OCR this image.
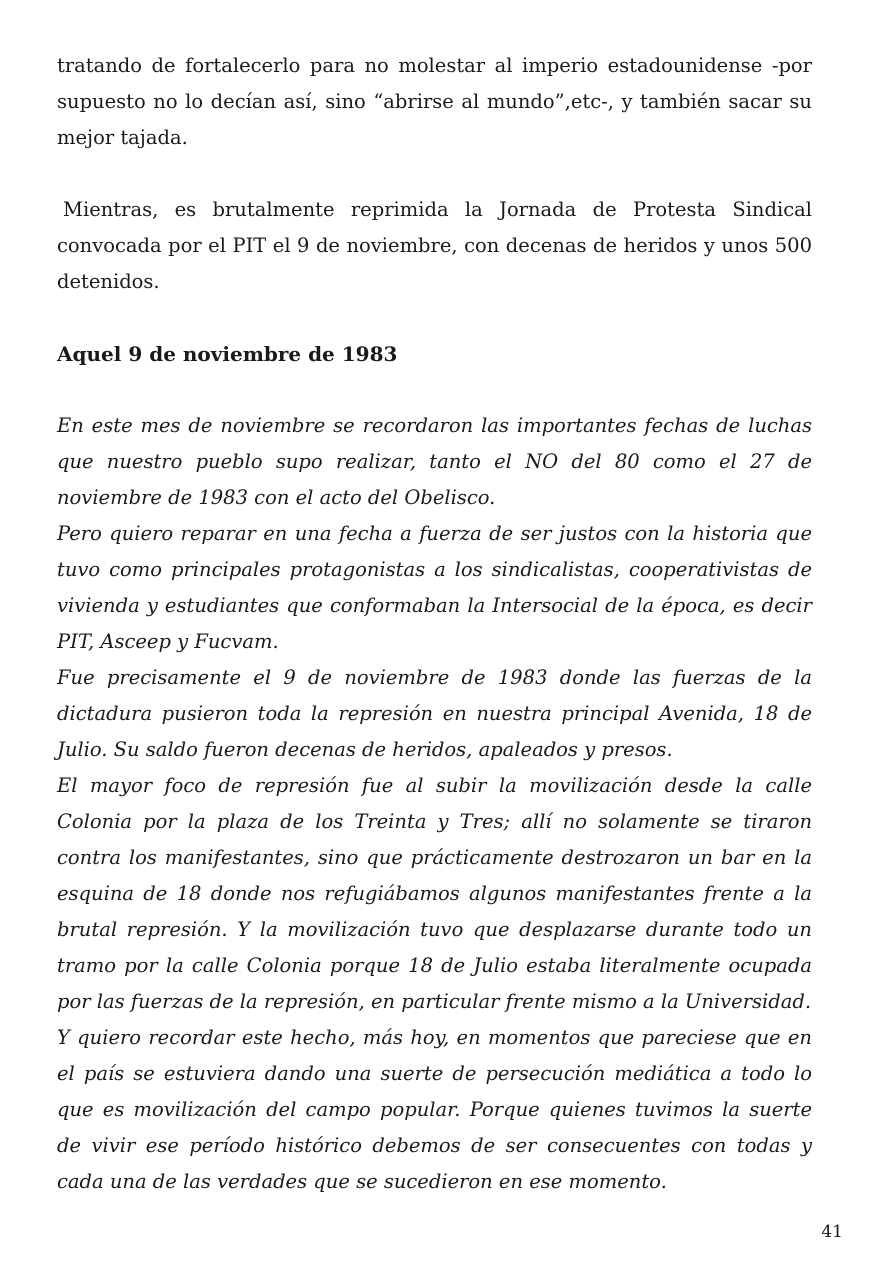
tratando de fortalecerlo para no molestar al imperio estadounidense -por supuesto no lo decían así, sino “abrirse al mundo”,etc-, y también sacar su mejor tajada.

Mientras, es brutalmente reprimida la Jornada de Protesta Sindical convocada por el PIT el 9 de noviembre, con decenas de heridos y unos 500 detenidos.

Aquel 9 de noviembre de 1983

En este mes de noviembre se recordaron las importantes fechas de luchas que nuestro pueblo supo realizar, tanto el NO del 80 como el 27 de noviembre de 1983 con el acto del Obelisco.

Pero quiero reparar en una fecha a fuerza de ser justos con la historia que tuvo como principales protagonistas a los sindicalistas, cooperativistas de vivienda y estudiantes que conformaban la Intersocial de la época, es decir PIT, Asceep y Fucvam.

Fue precisamente el 9 de noviembre de 1983 donde las fuerzas de la dictadura pusieron toda la represión en nuestra principal Avenida, 18 de Julio. Su saldo fueron decenas de heridos, apaleados y presos.

El mayor foco de represión fue al subir la movilización desde la calle Colonia por la plaza de los Treinta y Tres; allí no solamente se tiraron contra los manifestantes, sino que prácticamente destrozaron un bar en la esquina de 18 donde nos refugiábamos algunos manifestantes frente a la brutal represión. Y la movilización tuvo que desplazarse durante todo un tramo por la calle Colonia porque 18 de Julio estaba literalmente ocupada por las fuerzas de la represión, en particular frente mismo a la Universidad.

Y quiero recordar este hecho, más hoy, en momentos que pareciese que en el país se estuviera dando una suerte de persecución mediática a todo lo que es movilización del campo popular. Porque quienes tuvimos la suerte de vivir ese período histórico debemos de ser consecuentes con todas y cada una de las verdades que se sucedieron en ese momento.

41
